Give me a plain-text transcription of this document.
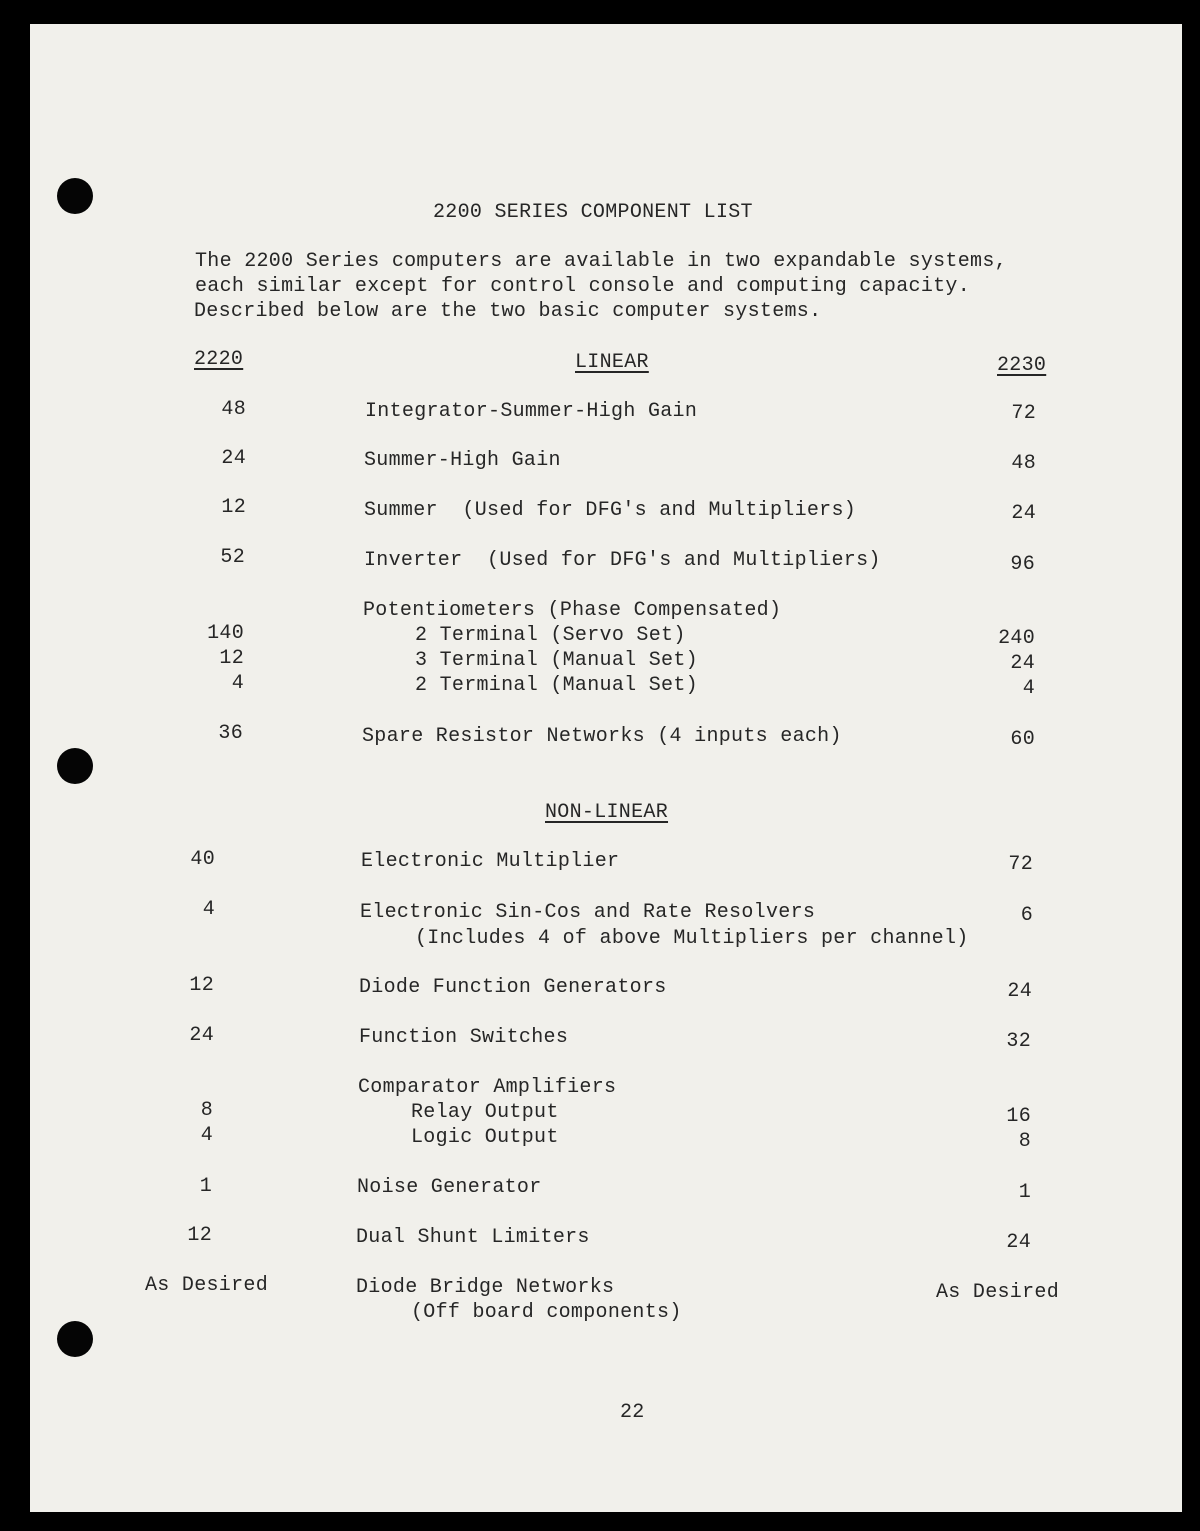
2200 SERIES COMPONENT LIST
The 2200 Series computers are available in two expandable systems,
each similar except for control console and computing capacity.
Described below are the two basic computer systems.
2220	LINEAR	2230
48	Integrator-Summer-High Gain	72
24	Summer-High Gain	48
12	Summer  (Used for DFG's and Multipliers)	24
52	Inverter  (Used for DFG's and Multipliers)	96
Potentiometers (Phase Compensated)
140	2 Terminal (Servo Set)	240
12	3 Terminal (Manual Set)	24
4	2 Terminal (Manual Set)	4
36	Spare Resistor Networks (4 inputs each)	60
NON-LINEAR
40	Electronic Multiplier	72
4	Electronic Sin-Cos and Rate Resolvers	6
(Includes 4 of above Multipliers per channel)
12	Diode Function Generators	24
24	Function Switches	32
Comparator Amplifiers
8	Relay Output	16
4	Logic Output	8
1	Noise Generator	1
12	Dual Shunt Limiters	24
As Desired	Diode Bridge Networks	As Desired
(Off board components)
22
